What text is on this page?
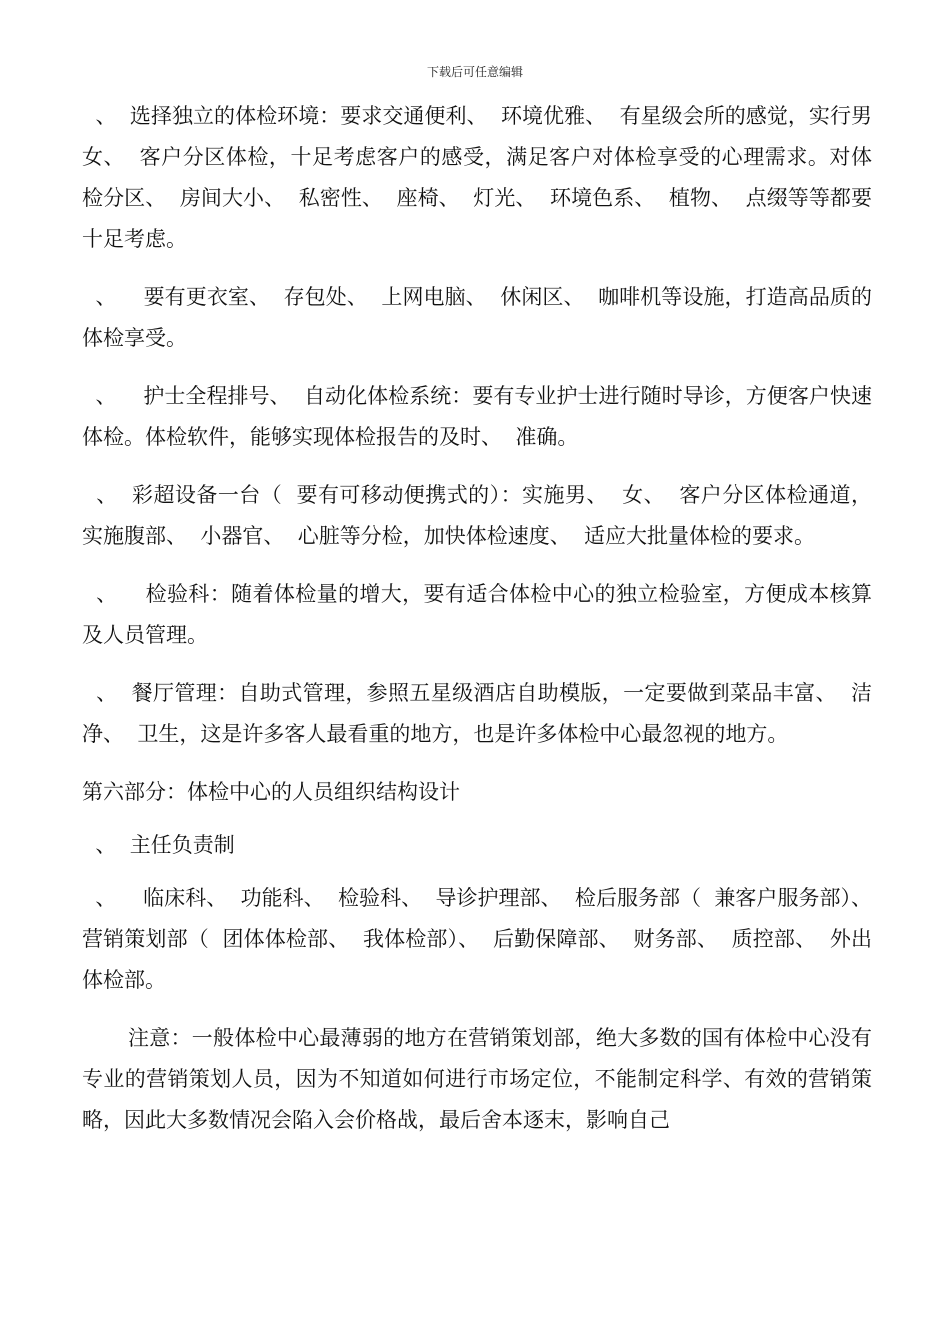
下载后可任意编辑

、  选择独立的体检环境：要求交通便利、  环境优雅、  有星级会所的感觉，实行男女、  客户分区体检，十足考虑客户的感受，满足客户对体检享受的心理需求。对体检分区、  房间大小、  私密性、  座椅、  灯光、  环境色系、  植物、  点缀等等都要十足考虑。

、    要有更衣室、  存包处、  上网电脑、  休闲区、  咖啡机等设施，打造高品质的体检享受。

、    护士全程排号、  自动化体检系统：要有专业护士进行随时导诊，方便客户快速体检。体检软件，能够实现体检报告的及时、  准确。

、  彩超设备一台（  要有可移动便携式的）：实施男、  女、  客户分区体检通道，实施腹部、  小器官、  心脏等分检，加快体检速度、  适应大批量体检的要求。

、    检验科：随着体检量的增大，要有适合体检中心的独立检验室，方便成本核算及人员管理。

、  餐厅管理：自助式管理，参照五星级酒店自助模版，一定要做到菜品丰富、  洁净、  卫生，这是许多客人最看重的地方，也是许多体检中心最忽视的地方。

第六部分：体检中心的人员组织结构设计

、  主任负责制

、    临床科、  功能科、  检验科、  导诊护理部、  检后服务部（  兼客户服务部）、  营销策划部（  团体体检部、  我体检部）、  后勤保障部、  财务部、  质控部、  外出体检部。

注意：一般体检中心最薄弱的地方在营销策划部，绝大多数的国有体检中心没有专业的营销策划人员，因为不知道如何进行市场定位，不能制定科学、有效的营销策略，因此大多数情况会陷入会价格战，最后舍本逐末，影响自己
